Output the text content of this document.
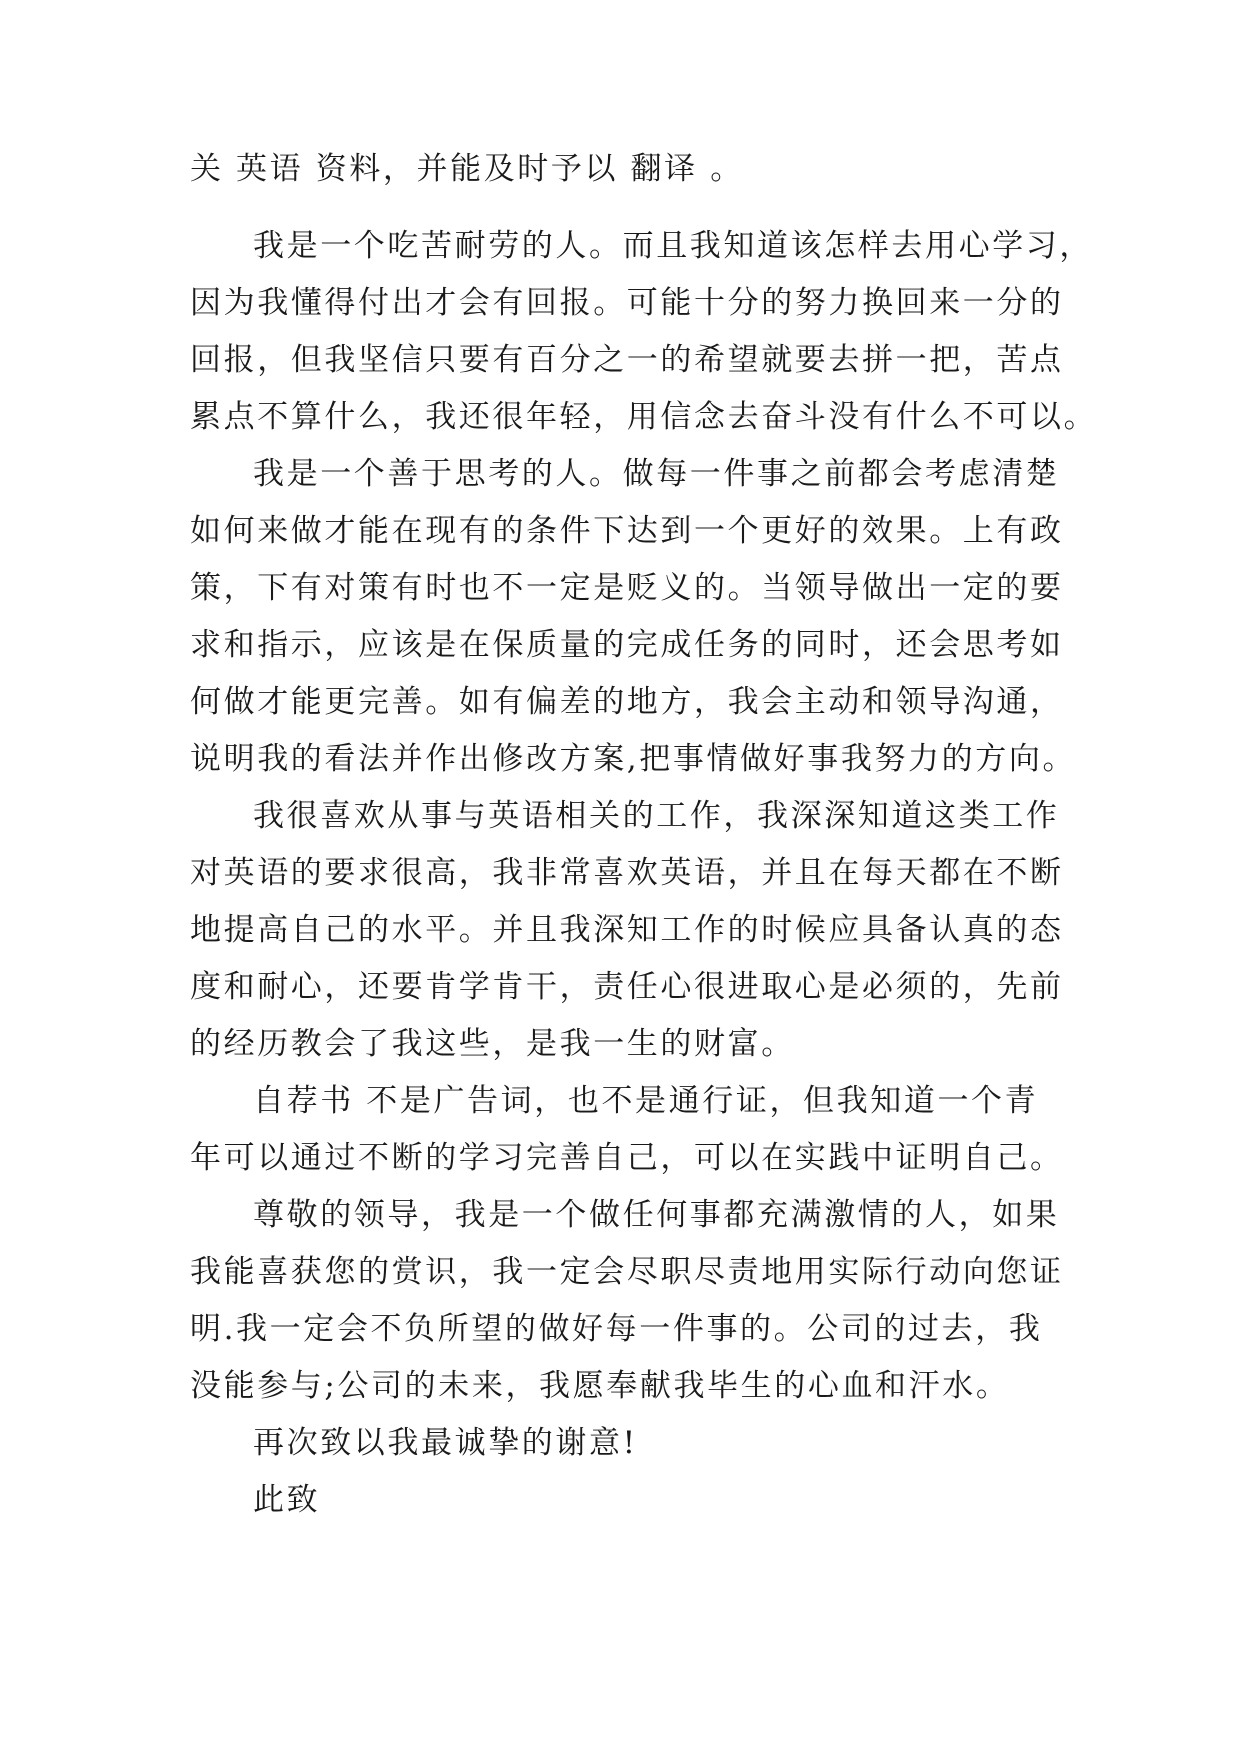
关 英语 资料，并能及时予以 翻译 。
我是一个吃苦耐劳的人。而且我知道该怎样去用心学习，
因为我懂得付出才会有回报。可能十分的努力换回来一分的
回报，但我坚信只要有百分之一的希望就要去拼一把，苦点
累点不算什么，我还很年轻，用信念去奋斗没有什么不可以。
我是一个善于思考的人。做每一件事之前都会考虑清楚
如何来做才能在现有的条件下达到一个更好的效果。上有政
策，下有对策有时也不一定是贬义的。当领导做出一定的要
求和指示，应该是在保质量的完成任务的同时，还会思考如
何做才能更完善。如有偏差的地方，我会主动和领导沟通，
说明我的看法并作出修改方案,把事情做好事我努力的方向。
我很喜欢从事与英语相关的工作，我深深知道这类工作
对英语的要求很高，我非常喜欢英语，并且在每天都在不断
地提高自己的水平。并且我深知工作的时候应具备认真的态
度和耐心，还要肯学肯干，责任心很进取心是必须的，先前
的经历教会了我这些，是我一生的财富。
自荐书 不是广告词，也不是通行证，但我知道一个青
年可以通过不断的学习完善自己，可以在实践中证明自己。
尊敬的领导，我是一个做任何事都充满激情的人，如果
我能喜获您的赏识，我一定会尽职尽责地用实际行动向您证
明.我一定会不负所望的做好每一件事的。公司的过去，我
没能参与;公司的未来，我愿奉献我毕生的心血和汗水。
再次致以我最诚挚的谢意!
此致
